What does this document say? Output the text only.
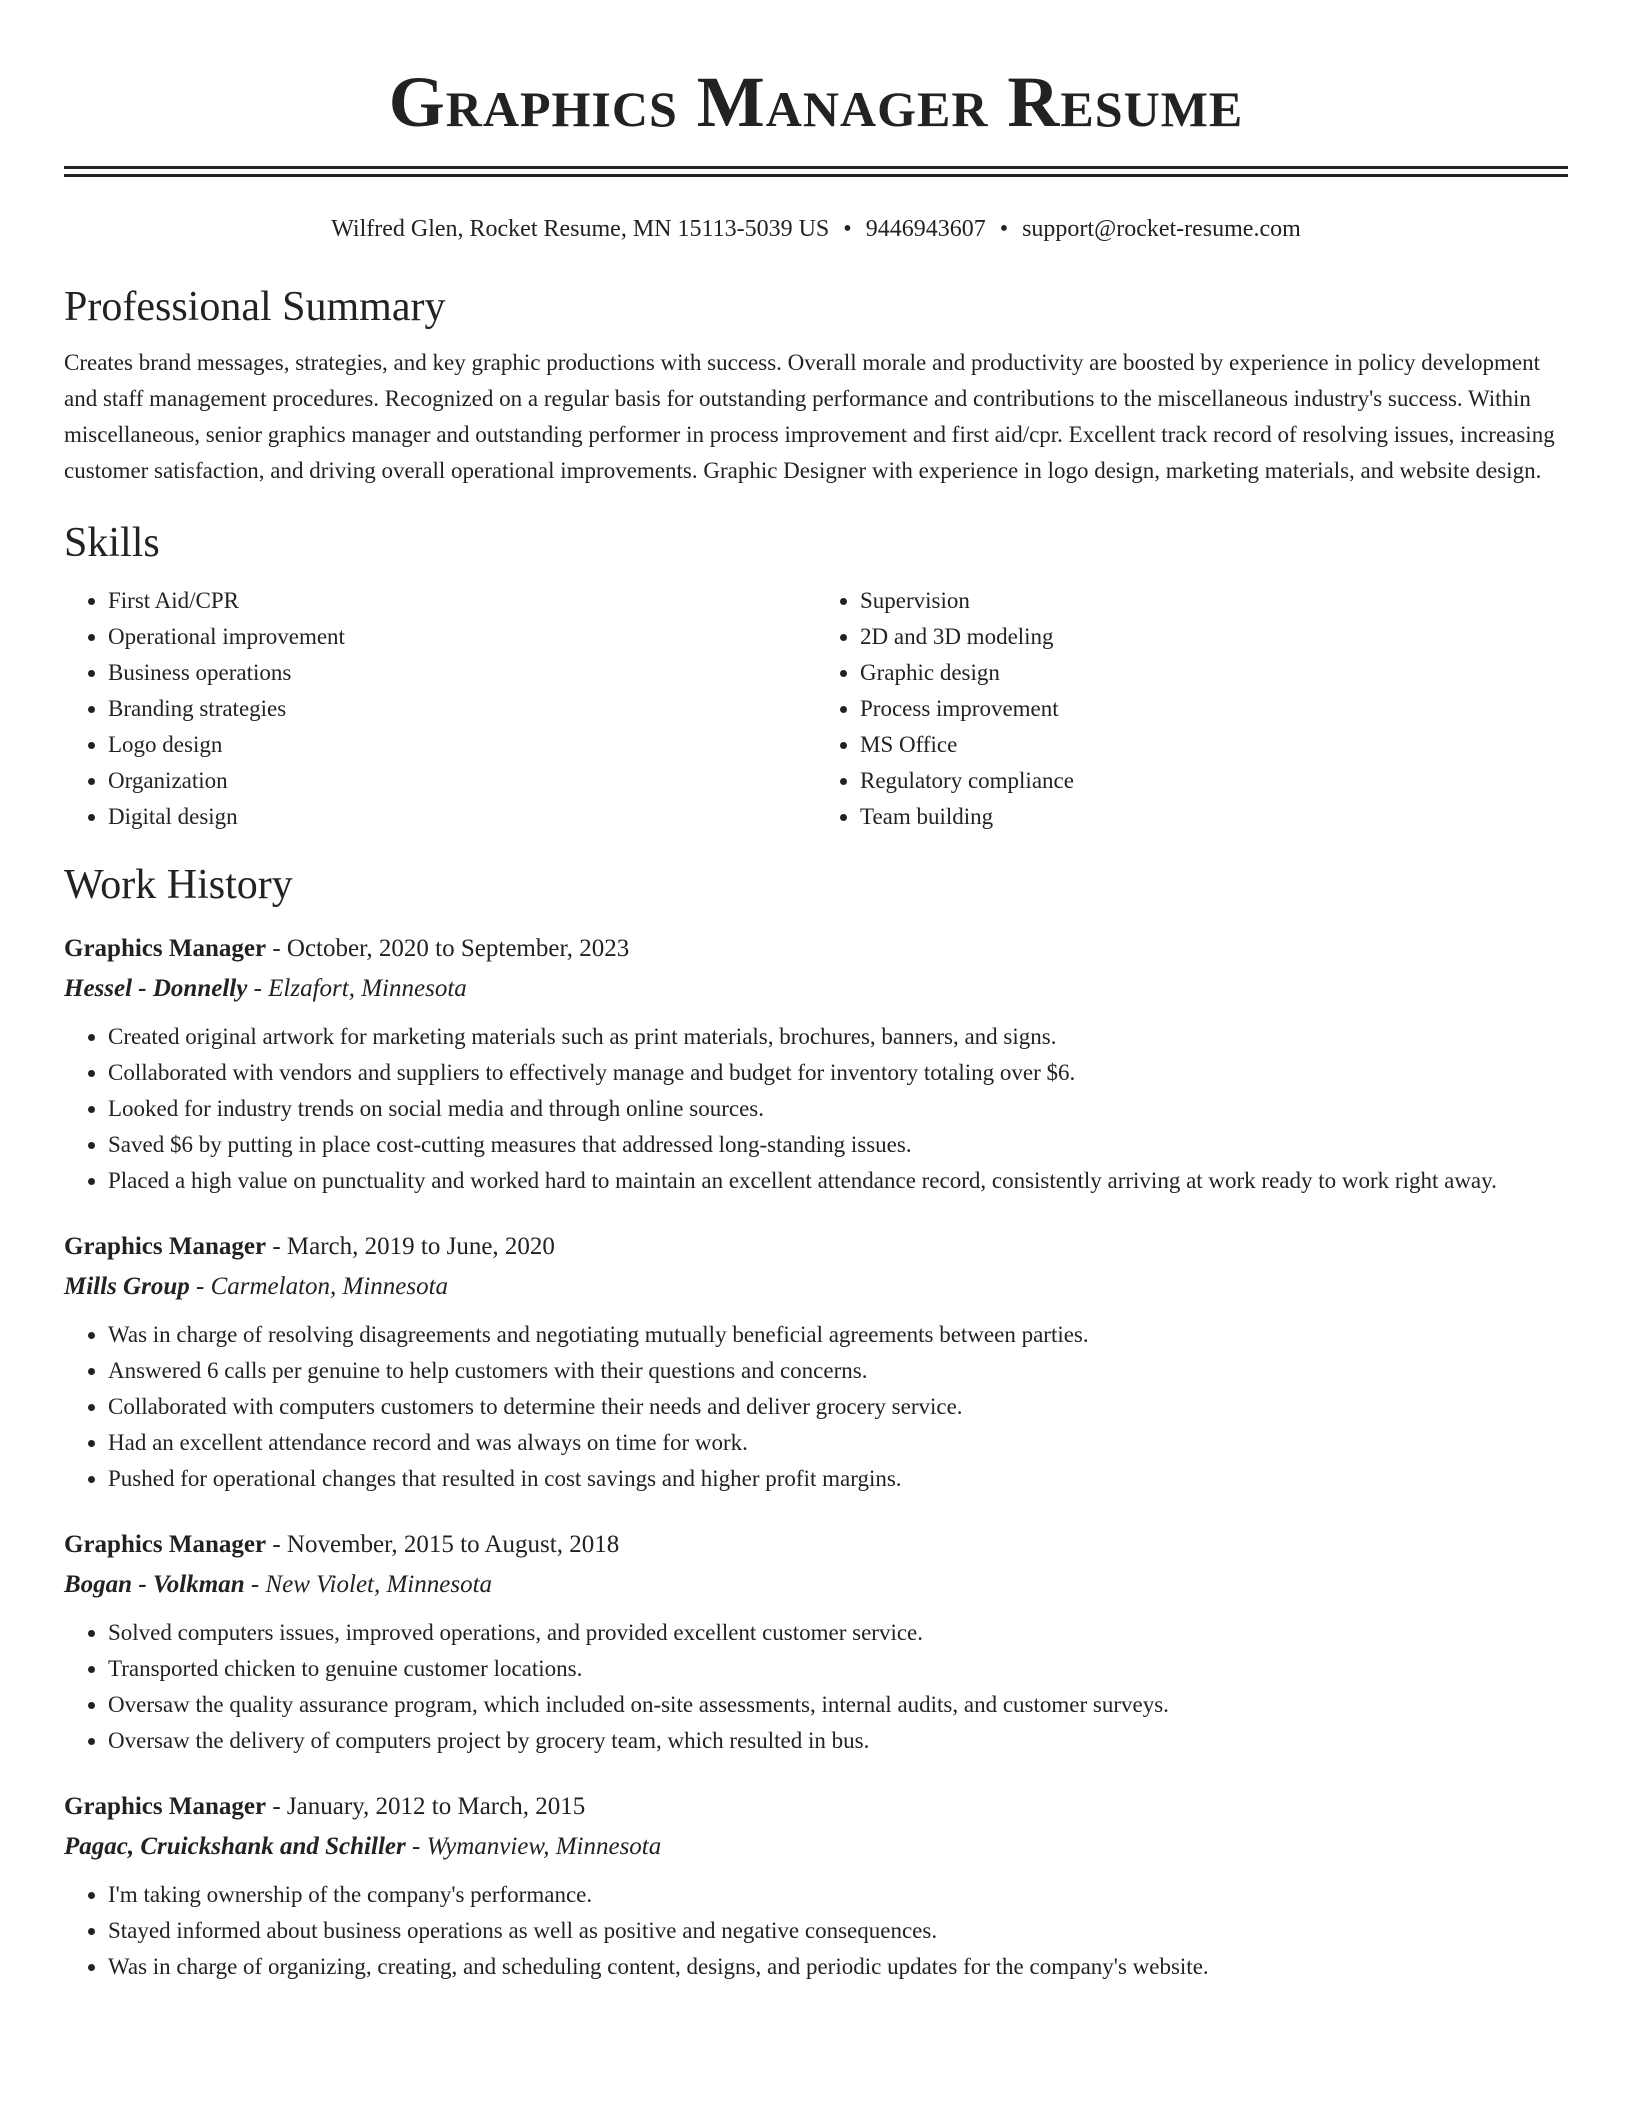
Graphics Manager Resume
Wilfred Glen, Rocket Resume, MN 15113-5039 US • 9446943607 • support@rocket-resume.com
Professional Summary

Creates brand messages, strategies, and key graphic productions with success. Overall morale and productivity are boosted by experience in policy development and staff management procedures. Recognized on a regular basis for outstanding performance and contributions to the miscellaneous industry's success. Within miscellaneous, senior graphics manager and outstanding performer in process improvement and first aid/cpr. Excellent track record of resolving issues, increasing customer satisfaction, and driving overall operational improvements. Graphic Designer with experience in logo design, marketing materials, and website design.

Skills
• First Aid/CPR
• Operational improvement
• Business operations
• Branding strategies
• Logo design
• Organization
• Digital design
• Supervision
• 2D and 3D modeling
• Graphic design
• Process improvement
• MS Office
• Regulatory compliance
• Team building
Work History
Graphics Manager - October, 2020 to September, 2023
Hessel - Donnelly - Elzafort, Minnesota
• Created original artwork for marketing materials such as print materials, brochures, banners, and signs.
• Collaborated with vendors and suppliers to effectively manage and budget for inventory totaling over $6.
• Looked for industry trends on social media and through online sources.
• Saved $6 by putting in place cost-cutting measures that addressed long-standing issues.
• Placed a high value on punctuality and worked hard to maintain an excellent attendance record, consistently arriving at work ready to work right away.
Graphics Manager - March, 2019 to June, 2020
Mills Group - Carmelaton, Minnesota
• Was in charge of resolving disagreements and negotiating mutually beneficial agreements between parties.
• Answered 6 calls per genuine to help customers with their questions and concerns.
• Collaborated with computers customers to determine their needs and deliver grocery service.
• Had an excellent attendance record and was always on time for work.
• Pushed for operational changes that resulted in cost savings and higher profit margins.
Graphics Manager - November, 2015 to August, 2018
Bogan - Volkman - New Violet, Minnesota
• Solved computers issues, improved operations, and provided excellent customer service.
• Transported chicken to genuine customer locations.
• Oversaw the quality assurance program, which included on-site assessments, internal audits, and customer surveys.
• Oversaw the delivery of computers project by grocery team, which resulted in bus.
Graphics Manager - January, 2012 to March, 2015
Pagac, Cruickshank and Schiller - Wymanview, Minnesota
• I'm taking ownership of the company's performance.
• Stayed informed about business operations as well as positive and negative consequences.
• Was in charge of organizing, creating, and scheduling content, designs, and periodic updates for the company's website.
